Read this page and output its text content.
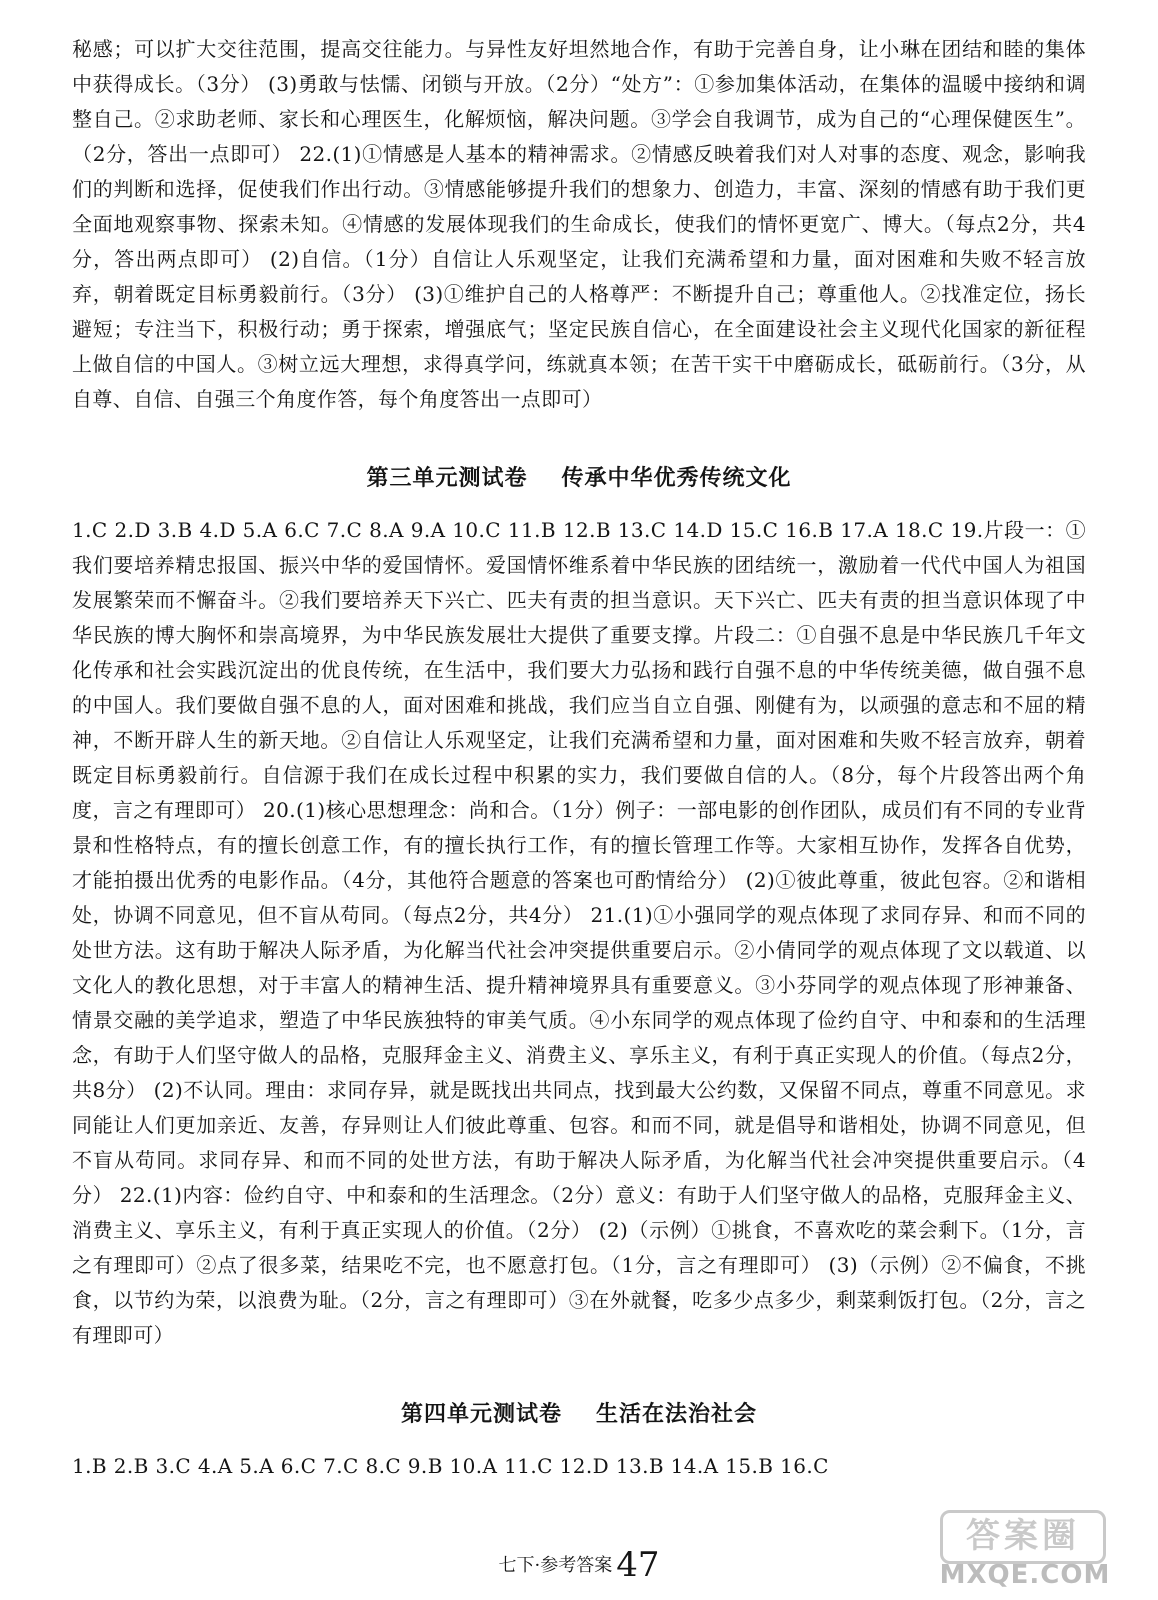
秘感；可以扩大交往范围，提高交往能力。与异性友好坦然地合作，有助于完善自身，让小琳在团结和睦的集体中获得成长。（3分） (3)勇敢与怯懦、闭锁与开放。（2分）“处方”：①参加集体活动，在集体的温暖中接纳和调整自己。②求助老师、家长和心理医生，化解烦恼，解决问题。③学会自我调节，成为自己的“心理保健医生”。（2分，答出一点即可） 22.(1)①情感是人基本的精神需求。②情感反映着我们对人对事的态度、观念，影响我们的判断和选择，促使我们作出行动。③情感能够提升我们的想象力、创造力，丰富、深刻的情感有助于我们更全面地观察事物、探索未知。④情感的发展体现我们的生命成长，使我们的情怀更宽广、博大。（每点2分，共4分，答出两点即可） (2)自信。（1分）自信让人乐观坚定，让我们充满希望和力量，面对困难和失败不轻言放弃，朝着既定目标勇毅前行。（3分） (3)①维护自己的人格尊严：不断提升自己；尊重他人。②找准定位，扬长避短；专注当下，积极行动；勇于探索，增强底气；坚定民族自信心，在全面建设社会主义现代化国家的新征程上做自信的中国人。③树立远大理想，求得真学问，练就真本领；在苦干实干中磨砺成长，砥砺前行。（3分，从自尊、自信、自强三个角度作答，每个角度答出一点即可）

第三单元测试卷 传承中华优秀传统文化

1.C 2.D 3.B 4.D 5.A 6.C 7.C 8.A 9.A 10.C 11.B 12.B 13.C 14.D 15.C 16.B 17.A 18.C 19.片段一：①我们要培养精忠报国、振兴中华的爱国情怀。爱国情怀维系着中华民族的团结统一，激励着一代代中国人为祖国发展繁荣而不懈奋斗。②我们要培养天下兴亡、匹夫有责的担当意识。天下兴亡、匹夫有责的担当意识体现了中华民族的博大胸怀和崇高境界，为中华民族发展壮大提供了重要支撑。片段二：①自强不息是中华民族几千年文化传承和社会实践沉淀出的优良传统，在生活中，我们要大力弘扬和践行自强不息的中华传统美德，做自强不息的中国人。我们要做自强不息的人，面对困难和挑战，我们应当自立自强、刚健有为，以顽强的意志和不屈的精神，不断开辟人生的新天地。②自信让人乐观坚定，让我们充满希望和力量，面对困难和失败不轻言放弃，朝着既定目标勇毅前行。自信源于我们在成长过程中积累的实力，我们要做自信的人。（8分，每个片段答出两个角度，言之有理即可） 20.(1)核心思想理念：尚和合。（1分）例子：一部电影的创作团队，成员们有不同的专业背景和性格特点，有的擅长创意工作，有的擅长执行工作，有的擅长管理工作等。大家相互协作，发挥各自优势，才能拍摄出优秀的电影作品。（4分，其他符合题意的答案也可酌情给分） (2)①彼此尊重，彼此包容。②和谐相处，协调不同意见，但不盲从苟同。（每点2分，共4分） 21.(1)①小强同学的观点体现了求同存异、和而不同的处世方法。这有助于解决人际矛盾，为化解当代社会冲突提供重要启示。②小倩同学的观点体现了文以载道、以文化人的教化思想，对于丰富人的精神生活、提升精神境界具有重要意义。③小芬同学的观点体现了形神兼备、情景交融的美学追求，塑造了中华民族独特的审美气质。④小东同学的观点体现了俭约自守、中和泰和的生活理念，有助于人们坚守做人的品格，克服拜金主义、消费主义、享乐主义，有利于真正实现人的价值。（每点2分，共8分） (2)不认同。理由：求同存异，就是既找出共同点，找到最大公约数，又保留不同点，尊重不同意见。求同能让人们更加亲近、友善，存异则让人们彼此尊重、包容。和而不同，就是倡导和谐相处，协调不同意见，但不盲从苟同。求同存异、和而不同的处世方法，有助于解决人际矛盾，为化解当代社会冲突提供重要启示。（4分） 22.(1)内容：俭约自守、中和泰和的生活理念。（2分）意义：有助于人们坚守做人的品格，克服拜金主义、消费主义、享乐主义，有利于真正实现人的价值。（2分） (2)（示例）①挑食，不喜欢吃的菜会剩下。（1分，言之有理即可）②点了很多菜，结果吃不完，也不愿意打包。（1分，言之有理即可） (3)（示例）②不偏食，不挑食，以节约为荣，以浪费为耻。（2分，言之有理即可）③在外就餐，吃多少点多少，剩菜剩饭打包。（2分，言之有理即可）

第四单元测试卷 生活在法治社会

1.B 2.B 3.C 4.A 5.A 6.C 7.C 8.C 9.B 10.A 11.C 12.D 13.B 14.A 15.B 16.C

七下·参考答案 47
答案圈
MXQE.COM
